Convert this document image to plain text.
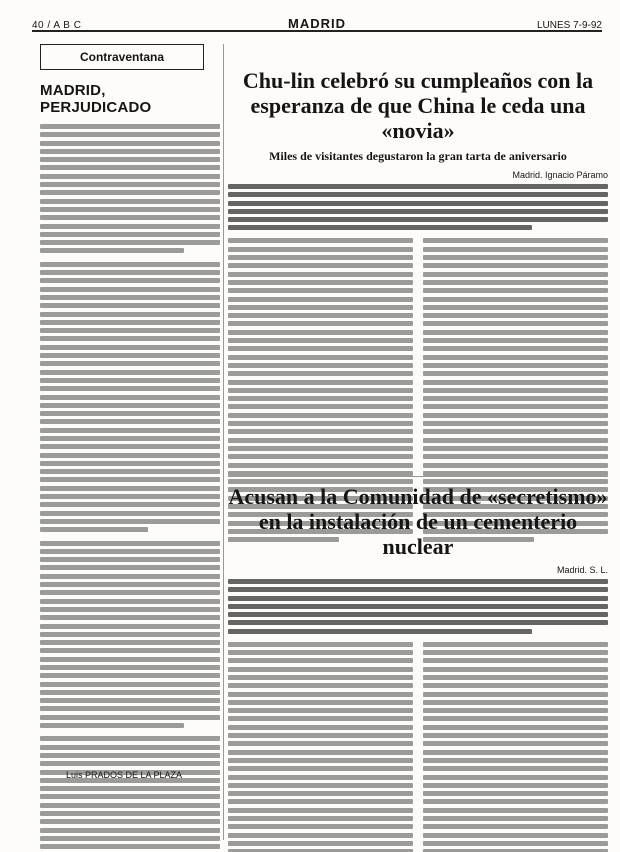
40 / A B C	MADRID	LUNES 7-9-92
Contraventana
MADRID, PERJUDICADO
Luis PRADOS DE LA PLAZA
Chu-lin celebró su cumpleaños con la esperanza de que China le ceda una «novia»
Miles de visitantes degustaron la gran tarta de aniversario
Madrid. Ignacio Páramo
Acusan a la Comunidad de «secretismo» en la instalación de un cementerio nuclear
Madrid. S. L.
